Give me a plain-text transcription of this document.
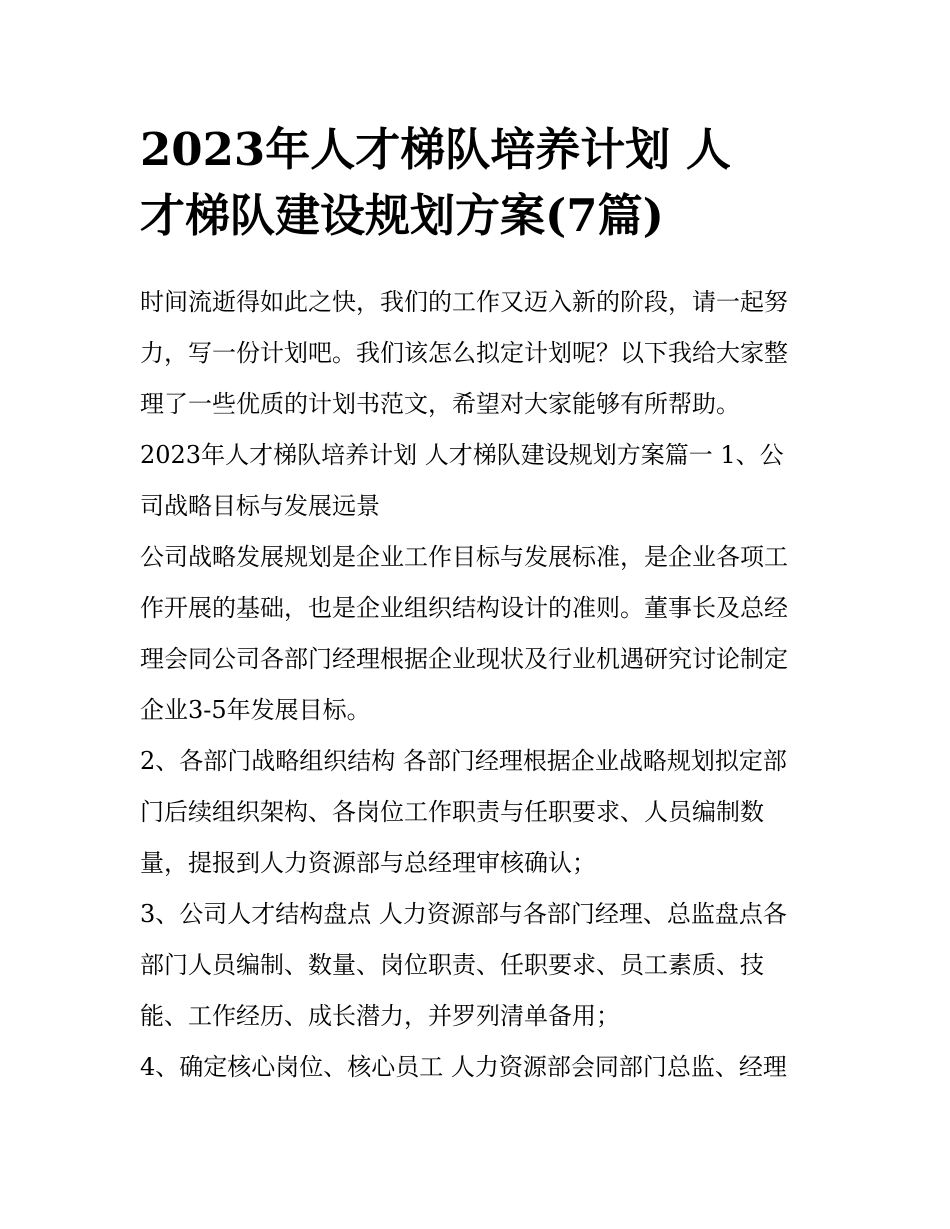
2023年人才梯队培养计划 人
才梯队建设规划方案(7篇)
时间流逝得如此之快，我们的工作又迈入新的阶段，请一起努
力，写一份计划吧。我们该怎么拟定计划呢？以下我给大家整
理了一些优质的计划书范文，希望对大家能够有所帮助。
2023年人才梯队培养计划 人才梯队建设规划方案篇一 1、公
司战略目标与发展远景
公司战略发展规划是企业工作目标与发展标准，是企业各项工
作开展的基础，也是企业组织结构设计的准则。董事长及总经
理会同公司各部门经理根据企业现状及行业机遇研究讨论制定
企业3-5年发展目标。
2、各部门战略组织结构 各部门经理根据企业战略规划拟定部
门后续组织架构、各岗位工作职责与任职要求、人员编制数
量，提报到人力资源部与总经理审核确认；
3、公司人才结构盘点 人力资源部与各部门经理、总监盘点各
部门人员编制、数量、岗位职责、任职要求、员工素质、技
能、工作经历、成长潜力，并罗列清单备用；
4、确定核心岗位、核心员工 人力资源部会同部门总监、经理
